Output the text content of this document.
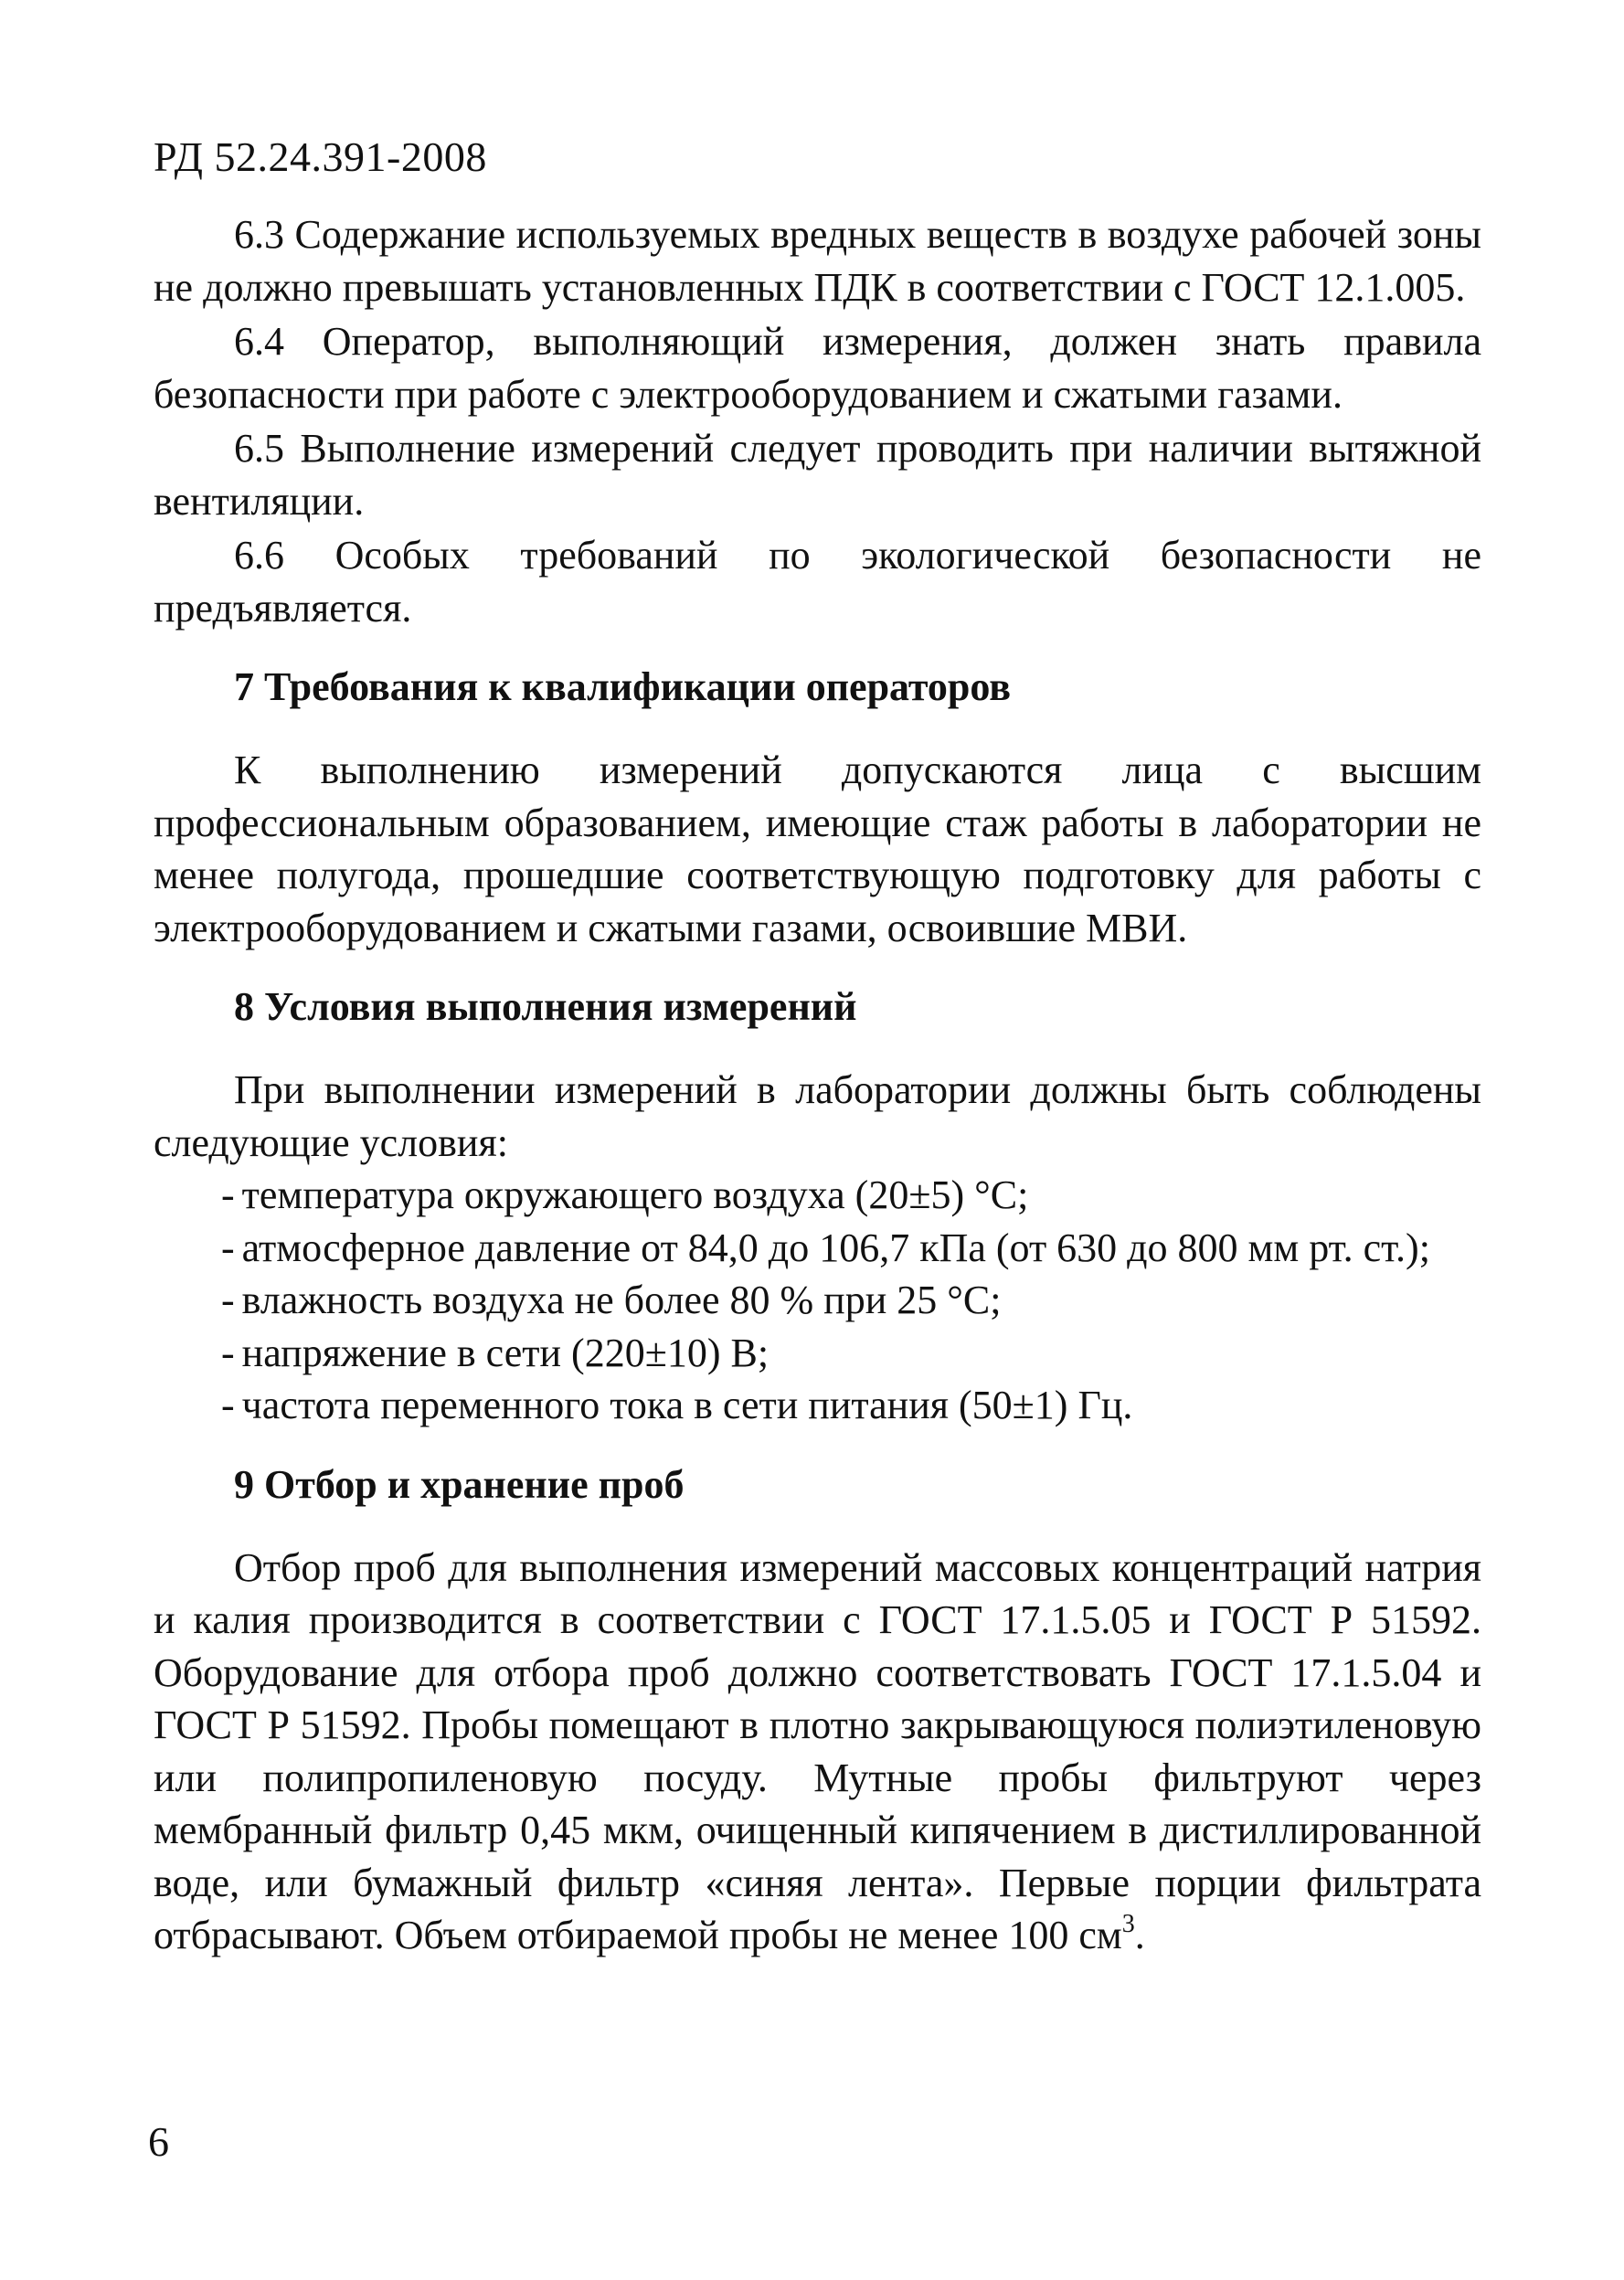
РД 52.24.391-2008

6.3 Содержание используемых вредных веществ в воздухе рабочей зоны не должно превышать установленных ПДК в соответствии с ГОСТ 12.1.005.

6.4 Оператор, выполняющий измерения, должен знать правила безопасности при работе с электрооборудованием и сжатыми газами.

6.5 Выполнение измерений следует проводить при наличии вытяжной вентиляции.

6.6 Особых требований по экологической безопасности не предъявляется.

7 Требования к квалификации операторов

К выполнению измерений допускаются лица с высшим профессиональным образованием, имеющие стаж работы в лаборатории не менее полугода, прошедшие соответствующую подготовку для работы с электрооборудованием и сжатыми газами, освоившие МВИ.

8 Условия выполнения измерений

При выполнении измерений в лаборатории должны быть соблюдены следующие условия:

- температура окружающего воздуха (20±5) °С;
- атмосферное давление от 84,0 до 106,7 кПа (от 630 до 800 мм рт. ст.);
- влажность воздуха не более 80 % при 25 °С;
- напряжение в сети (220±10) В;
- частота переменного тока в сети питания (50±1) Гц.
9 Отбор и хранение проб

Отбор проб для выполнения измерений массовых концентраций натрия и калия производится в соответствии с ГОСТ 17.1.5.05 и ГОСТ Р 51592. Оборудование для отбора проб должно соответствовать ГОСТ 17.1.5.04 и ГОСТ Р 51592. Пробы помещают в плотно закрывающуюся полиэтиленовую или полипропиленовую посуду. Мутные пробы фильтруют через мембранный фильтр 0,45 мкм, очищенный кипячением в дистиллированной воде, или бумажный фильтр «синяя лента». Первые порции фильтрата отбрасывают. Объем отбираемой пробы не менее 100 $см^3$.

6
